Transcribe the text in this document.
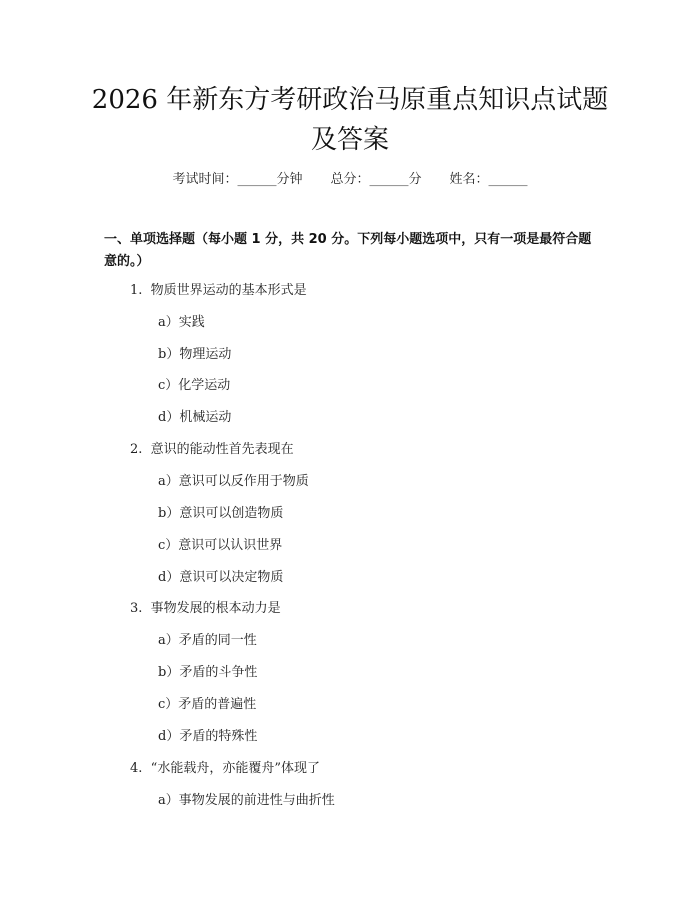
2026 年新东方考研政治马原重点知识点试题
及答案
考试时间：______分钟 总分：______分 姓名：______
一、单项选择题（每小题 1 分，共 20 分。下列每小题选项中，只有一项是最符合题意的。）
1. 物质世界运动的基本形式是
a）实践
b）物理运动
c）化学运动
d）机械运动
2. 意识的能动性首先表现在
a）意识可以反作用于物质
b）意识可以创造物质
c）意识可以认识世界
d）意识可以决定物质
3. 事物发展的根本动力是
a）矛盾的同一性
b）矛盾的斗争性
c）矛盾的普遍性
d）矛盾的特殊性
4. “水能载舟，亦能覆舟”体现了
a）事物发展的前进性与曲折性
